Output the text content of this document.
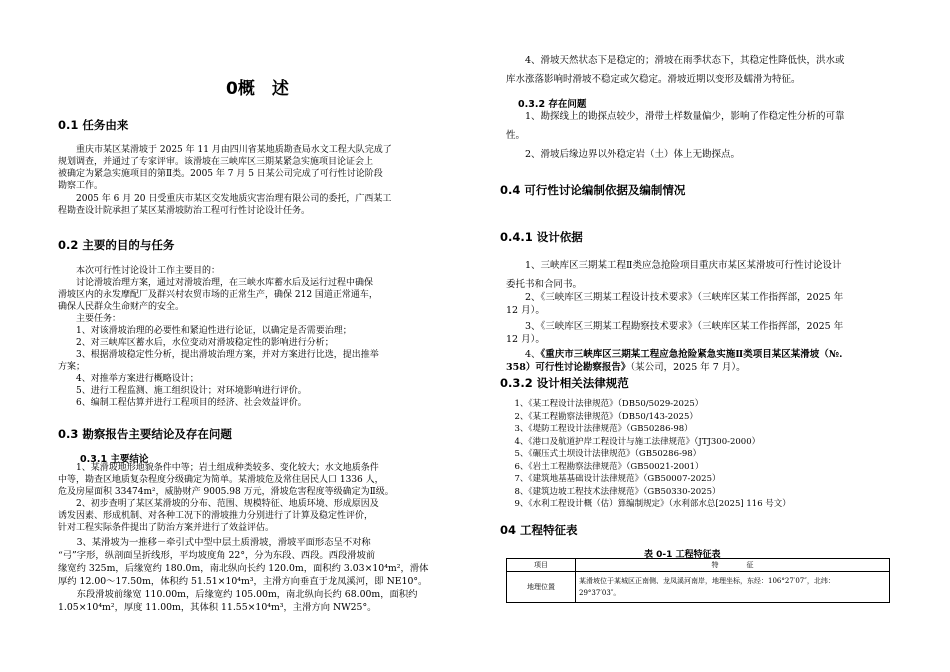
0概　述
0.1 任务由来
　　重庆市某区某滑坡于 2025 年 11 月由四川省某地质勘查局水文工程大队完成了
规划调查，并通过了专家评审。该滑坡在三峡库区三期某紧急实施项目论证会上
被确定为紧急实施项目的第Ⅱ类。2005 年 7 月 5 日某公司完成了可行性讨论阶段
勘察工作。
　　2005 年 6 月 20 日受重庆市某区交发地质灾害治理有限公司的委托，广西某工
程勘查设计院承担了某区某滑坡防治工程可行性讨论设计任务。
0.2 主要的目的与任务
　　本次可行性讨论设计工作主要目的：
　　讨论滑坡治理方案，通过对滑坡治理，在三峡水库蓄水后及运行过程中确保
滑坡区内的永发摩配厂及群兴村农贸市场的正常生产，确保 212 国道正常通车，
确保人民群众生命财产的安全。
　　主要任务：
　　1、对该滑坡治理的必要性和紧迫性进行论证，以确定是否需要治理；
　　2、对三峡库区蓄水后，水位变动对滑坡稳定性的影响进行分析；
　　3、根据滑坡稳定性分析，提出滑坡治理方案，并对方案进行比选，提出推举
方案；
　　4、对推举方案进行概略设计；
　　5、进行工程监测、施工组织设计；对环境影响进行评价。
　　6、编制工程估算并进行工程项目的经济、社会效益评价。
0.3 勘察报告主要结论及存在问题
0.3.1 主要结论
　　1、某滑坡地形地貌条件中等；岩土组成种类较多、变化较大；水文地质条件
中等，勘查区地质复杂程度分级确定为简单。某滑坡危及常住居民人口 1336 人，
危及房屋面积 33474m²，威胁财产 9005.98 万元，滑坡危害程度等级确定为Ⅱ级。
　　2、初步查明了某区某滑坡的分布、范围、规模特征、地质环境、形成原因及
诱发因素、形成机制、对各种工况下的滑坡推力分别进行了计算及稳定性评价，
针对工程实际条件提出了防治方案并进行了效益评估。
　　3、某滑坡为一推移－牵引式中型中层土质滑坡，滑坡平面形态呈不对称
“弓”字形，纵剖面呈折线形，平均坡度角 22°，分为东段、西段。西段滑坡前
缘宽约 325m，后缘宽约 180.0m，南北纵向长约 120.0m，面积约 3.03×10⁴m²，滑体
厚约 12.00～17.50m，体积约 51.51×10⁴m³，主滑方向垂直于龙凤溪河，即 NE10°。
　　东段滑坡前缘宽 110.00m，后缘宽约 105.00m，南北纵向长约 68.00m，面积约
1.05×10⁴m²，厚度 11.00m，其体积 11.55×10⁴m³，主滑方向 NW25°。
　　4、滑坡天然状态下是稳定的；滑坡在雨季状态下，其稳定性降低快，洪水或
库水涨落影响时滑坡不稳定或欠稳定。滑坡近期以变形及蠕滑为特征。
0.3.2 存在问题
　　1、勘探线上的勘探点较少，滑带土样数量偏少，影响了作稳定性分析的可靠
性。
　　2、滑坡后缘边界以外稳定岩（土）体上无勘探点。
0.4 可行性讨论编制依据及编制情况
0.4.1 设计依据
　　1、三峡库区三期某工程Ⅱ类应急抢险项目重庆市某区某滑坡可行性讨论设计
委托书和合同书。
　　2、《三峡库区三期某工程设计技术要求》（三峡库区某工作指挥部，2025 年
12 月）。
　　3、《三峡库区三期某工程勘察技术要求》（三峡库区某工作指挥部，2025 年
12 月）。
　　4、《重庆市三峡库区三期某工程应急抢险紧急实施Ⅱ类项目某区某滑坡（№.
358）可行性讨论勘察报告》（某公司，2025 年 7 月）。
0.3.2 设计相关法律规范
　1、《某工程设计法律规范》（DB50/5029-2025）
　2、《某工程勘察法律规范》（DB50/143-2025）
　3、《堤防工程设计法律规范》（GB50286-98）
　4、《港口及航道护岸工程设计与施工法律规范》（JTJ300-2000）
　5、《碾压式土坝设计法律规范》（GB50286-98）
　6、《岩土工程勘察法律规范》（GB50021-2001）
　7、《建筑地基基础设计法律规范》（GB50007-2025）
　8、《建筑边坡工程技术法律规范》（GB50330-2025）
　9、《水利工程设计概（估）算编制规定》（水利部水总[2025] 116 号文）
04 工程特征表
表 0-1 工程特征表
项目	特　　　　征
地理位置	某滑坡位于某城区正南侧、龙凤溪河南岸，地理坐标，东经：106°27′07″，北纬：
29°37′03″。
